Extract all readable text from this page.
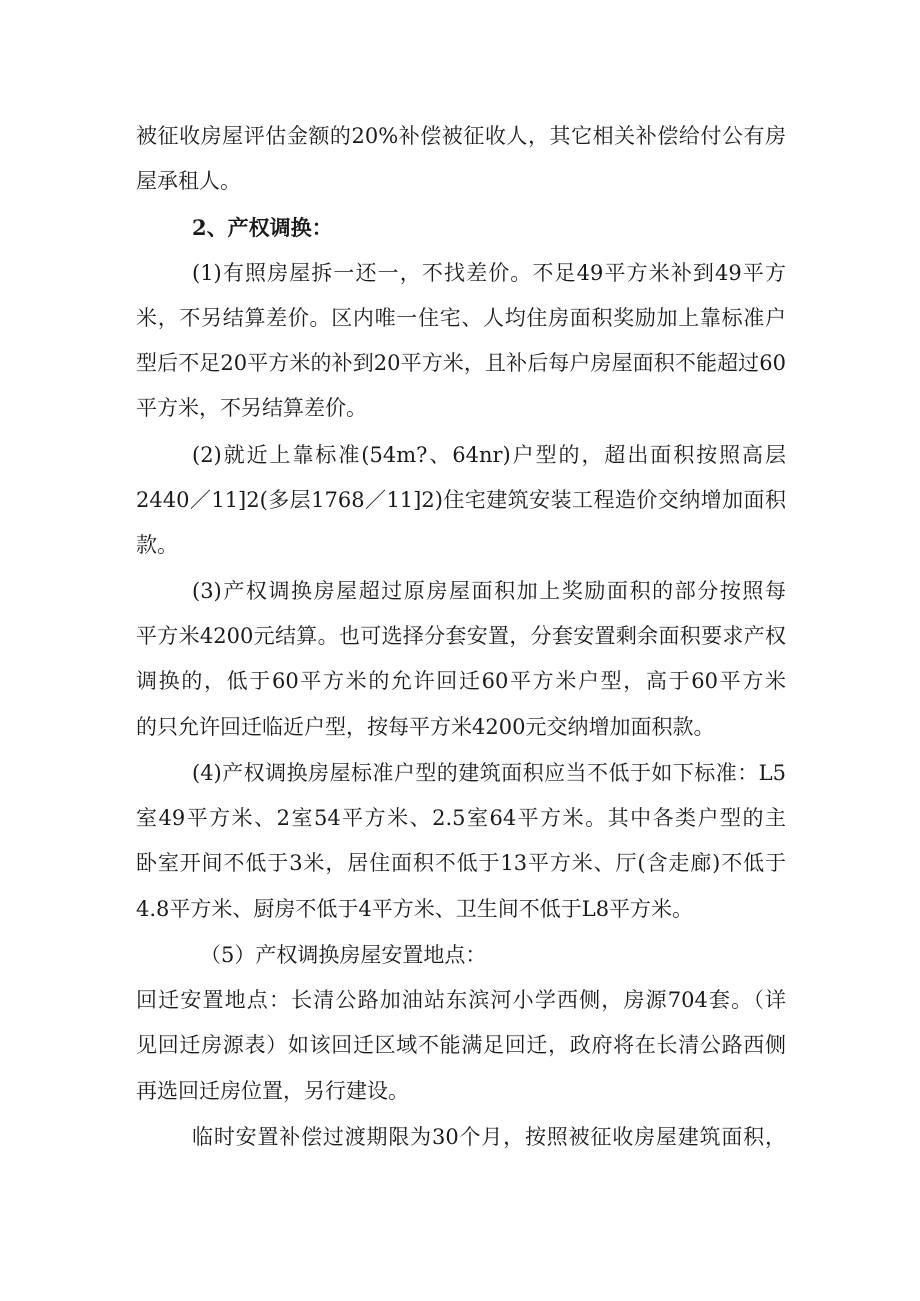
被征收房屋评估金额的20%补偿被征收人，其它相关补偿给付公有房
屋承租人。
2、产权调换：
(1)有照房屋拆一还一，不找差价。不足49平方米补到49平方
米，不另结算差价。区内唯一住宅、人均住房面积奖励加上靠标准户
型后不足20平方米的补到20平方米，且补后每户房屋面积不能超过60
平方米，不另结算差价。
(2)就近上靠标准(54m?、64nr)户型的，超出面积按照高层
2440／11]2(多层1768／11]2)住宅建筑安装工程造价交纳增加面积
款。
(3)产权调换房屋超过原房屋面积加上奖励面积的部分按照每
平方米4200元结算。也可选择分套安置，分套安置剩余面积要求产权
调换的，低于60平方米的允许回迁60平方米户型，高于60平方米
的只允许回迁临近户型，按每平方米4200元交纳增加面积款。
(4)产权调换房屋标准户型的建筑面积应当不低于如下标准：L5
室49平方米、2室54平方米、2.5室64平方米。其中各类户型的主
卧室开间不低于3米，居住面积不低于13平方米、厅(含走廊)不低于
4.8平方米、厨房不低于4平方米、卫生间不低于L8平方米。
（5）产权调换房屋安置地点：
回迁安置地点：长清公路加油站东滨河小学西侧，房源704套。（详
见回迁房源表）如该回迁区域不能满足回迁，政府将在长清公路西侧
再选回迁房位置，另行建设。
临时安置补偿过渡期限为30个月，按照被征收房屋建筑面积，
